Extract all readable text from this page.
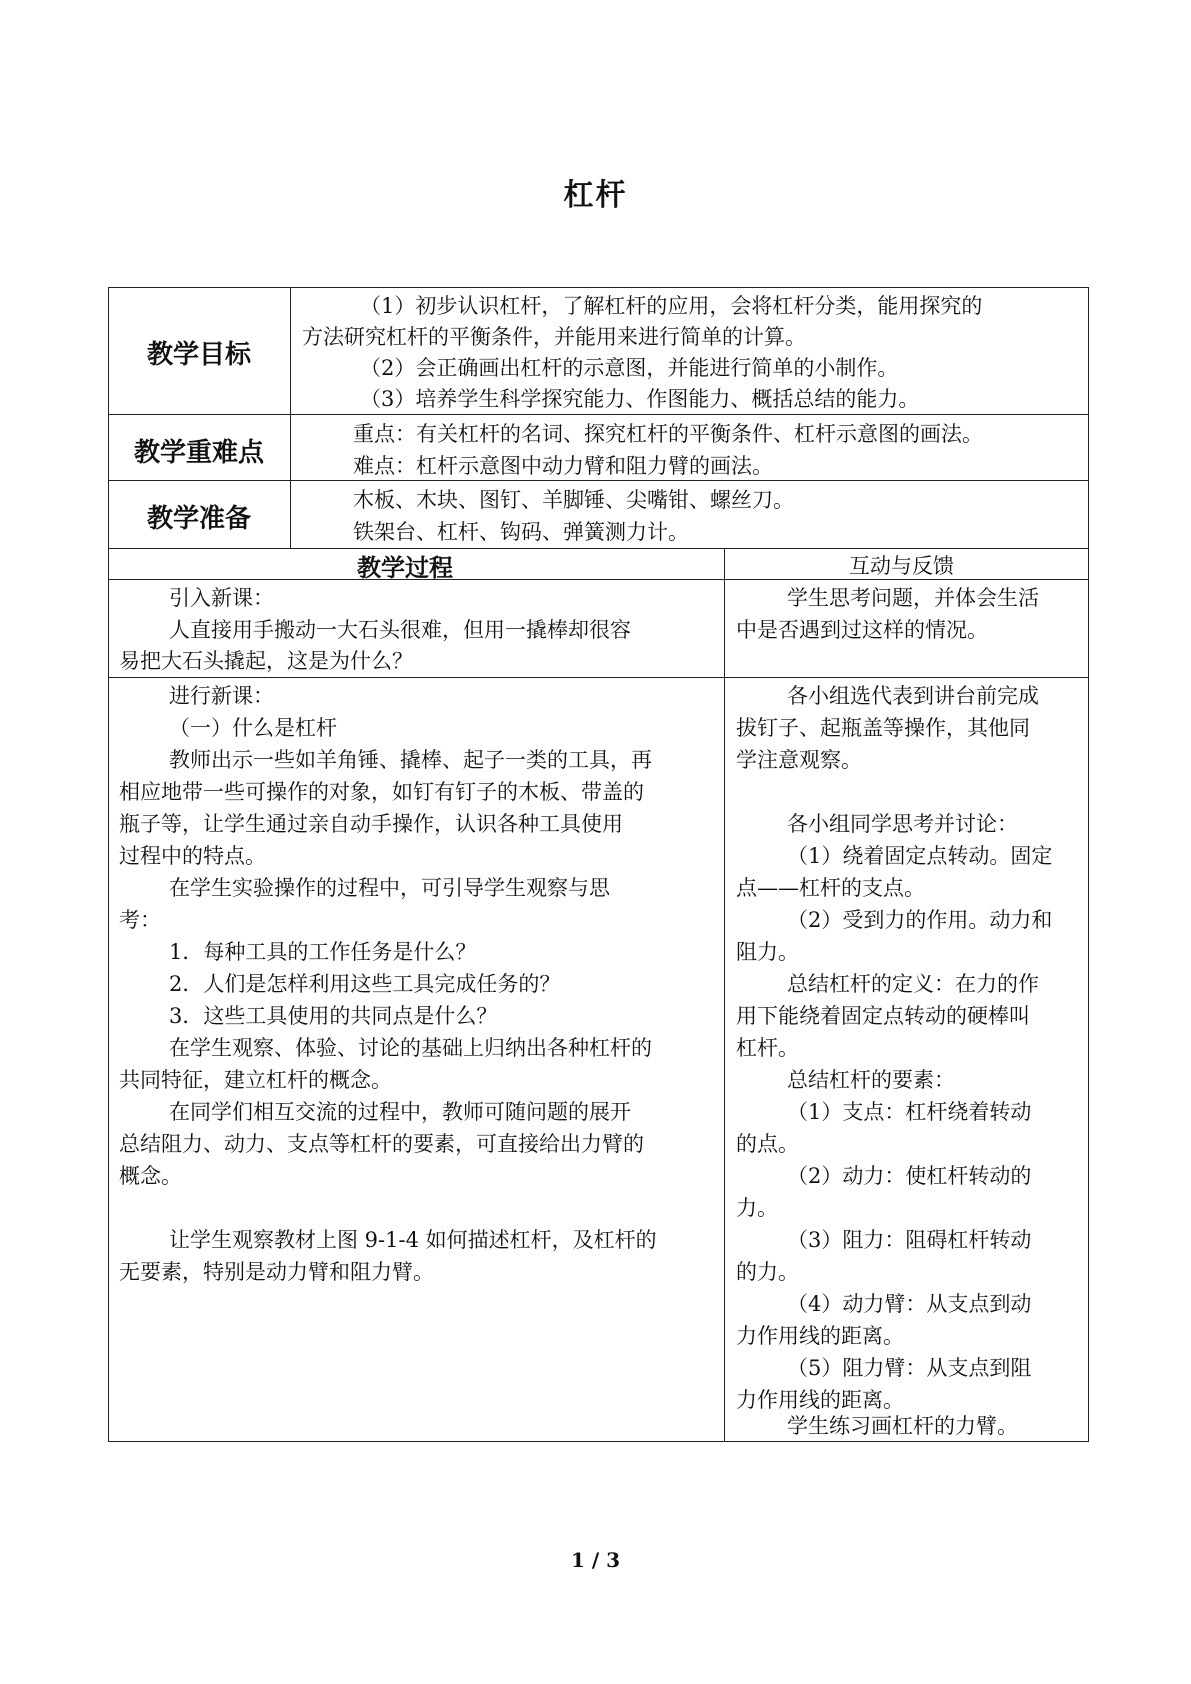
杠杆
教学目标
（1）初步认识杠杆，了解杠杆的应用，会将杠杆分类，能用探究的
方法研究杠杆的平衡条件，并能用来进行简单的计算。
（2）会正确画出杠杆的示意图，并能进行简单的小制作。
（3）培养学生科学探究能力、作图能力、概括总结的能力。
教学重难点
重点：有关杠杆的名词、探究杠杆的平衡条件、杠杆示意图的画法。
难点：杠杆示意图中动力臂和阻力臂的画法。
教学准备
木板、木块、图钉、羊脚锤、尖嘴钳、螺丝刀。
铁架台、杠杆、钩码、弹簧测力计。
教学过程	互动与反馈
引入新课：
人直接用手搬动一大石头很难，但用一撬棒却很容
易把大石头撬起，这是为什么？
学生思考问题，并体会生活
中是否遇到过这样的情况。
进行新课：
（一）什么是杠杆
教师出示一些如羊角锤、撬棒、起子一类的工具，再
相应地带一些可操作的对象，如钉有钉子的木板、带盖的
瓶子等，让学生通过亲自动手操作，认识各种工具使用
过程中的特点。
在学生实验操作的过程中，可引导学生观察与思
考：
1．每种工具的工作任务是什么？
2．人们是怎样利用这些工具完成任务的？
3．这些工具使用的共同点是什么？
在学生观察、体验、讨论的基础上归纳出各种杠杆的
共同特征，建立杠杆的概念。
在同学们相互交流的过程中，教师可随问题的展开
总结阻力、动力、支点等杠杆的要素，可直接给出力臂的
概念。
让学生观察教材上图 9-1-4 如何描述杠杆，及杠杆的
无要素，特别是动力臂和阻力臂。
各小组选代表到讲台前完成
拔钉子、起瓶盖等操作，其他同
学注意观察。
各小组同学思考并讨论：
（1）绕着固定点转动。固定
点——杠杆的支点。
（2）受到力的作用。动力和
阻力。
总结杠杆的定义：在力的作
用下能绕着固定点转动的硬棒叫
杠杆。
总结杠杆的要素：
（1）支点：杠杆绕着转动
的点。
（2）动力：使杠杆转动的
力。
（3）阻力：阻碍杠杆转动
的力。
（4）动力臂：从支点到动
力作用线的距离。
（5）阻力臂：从支点到阻
力作用线的距离。
学生练习画杠杆的力臂。
1 / 3
